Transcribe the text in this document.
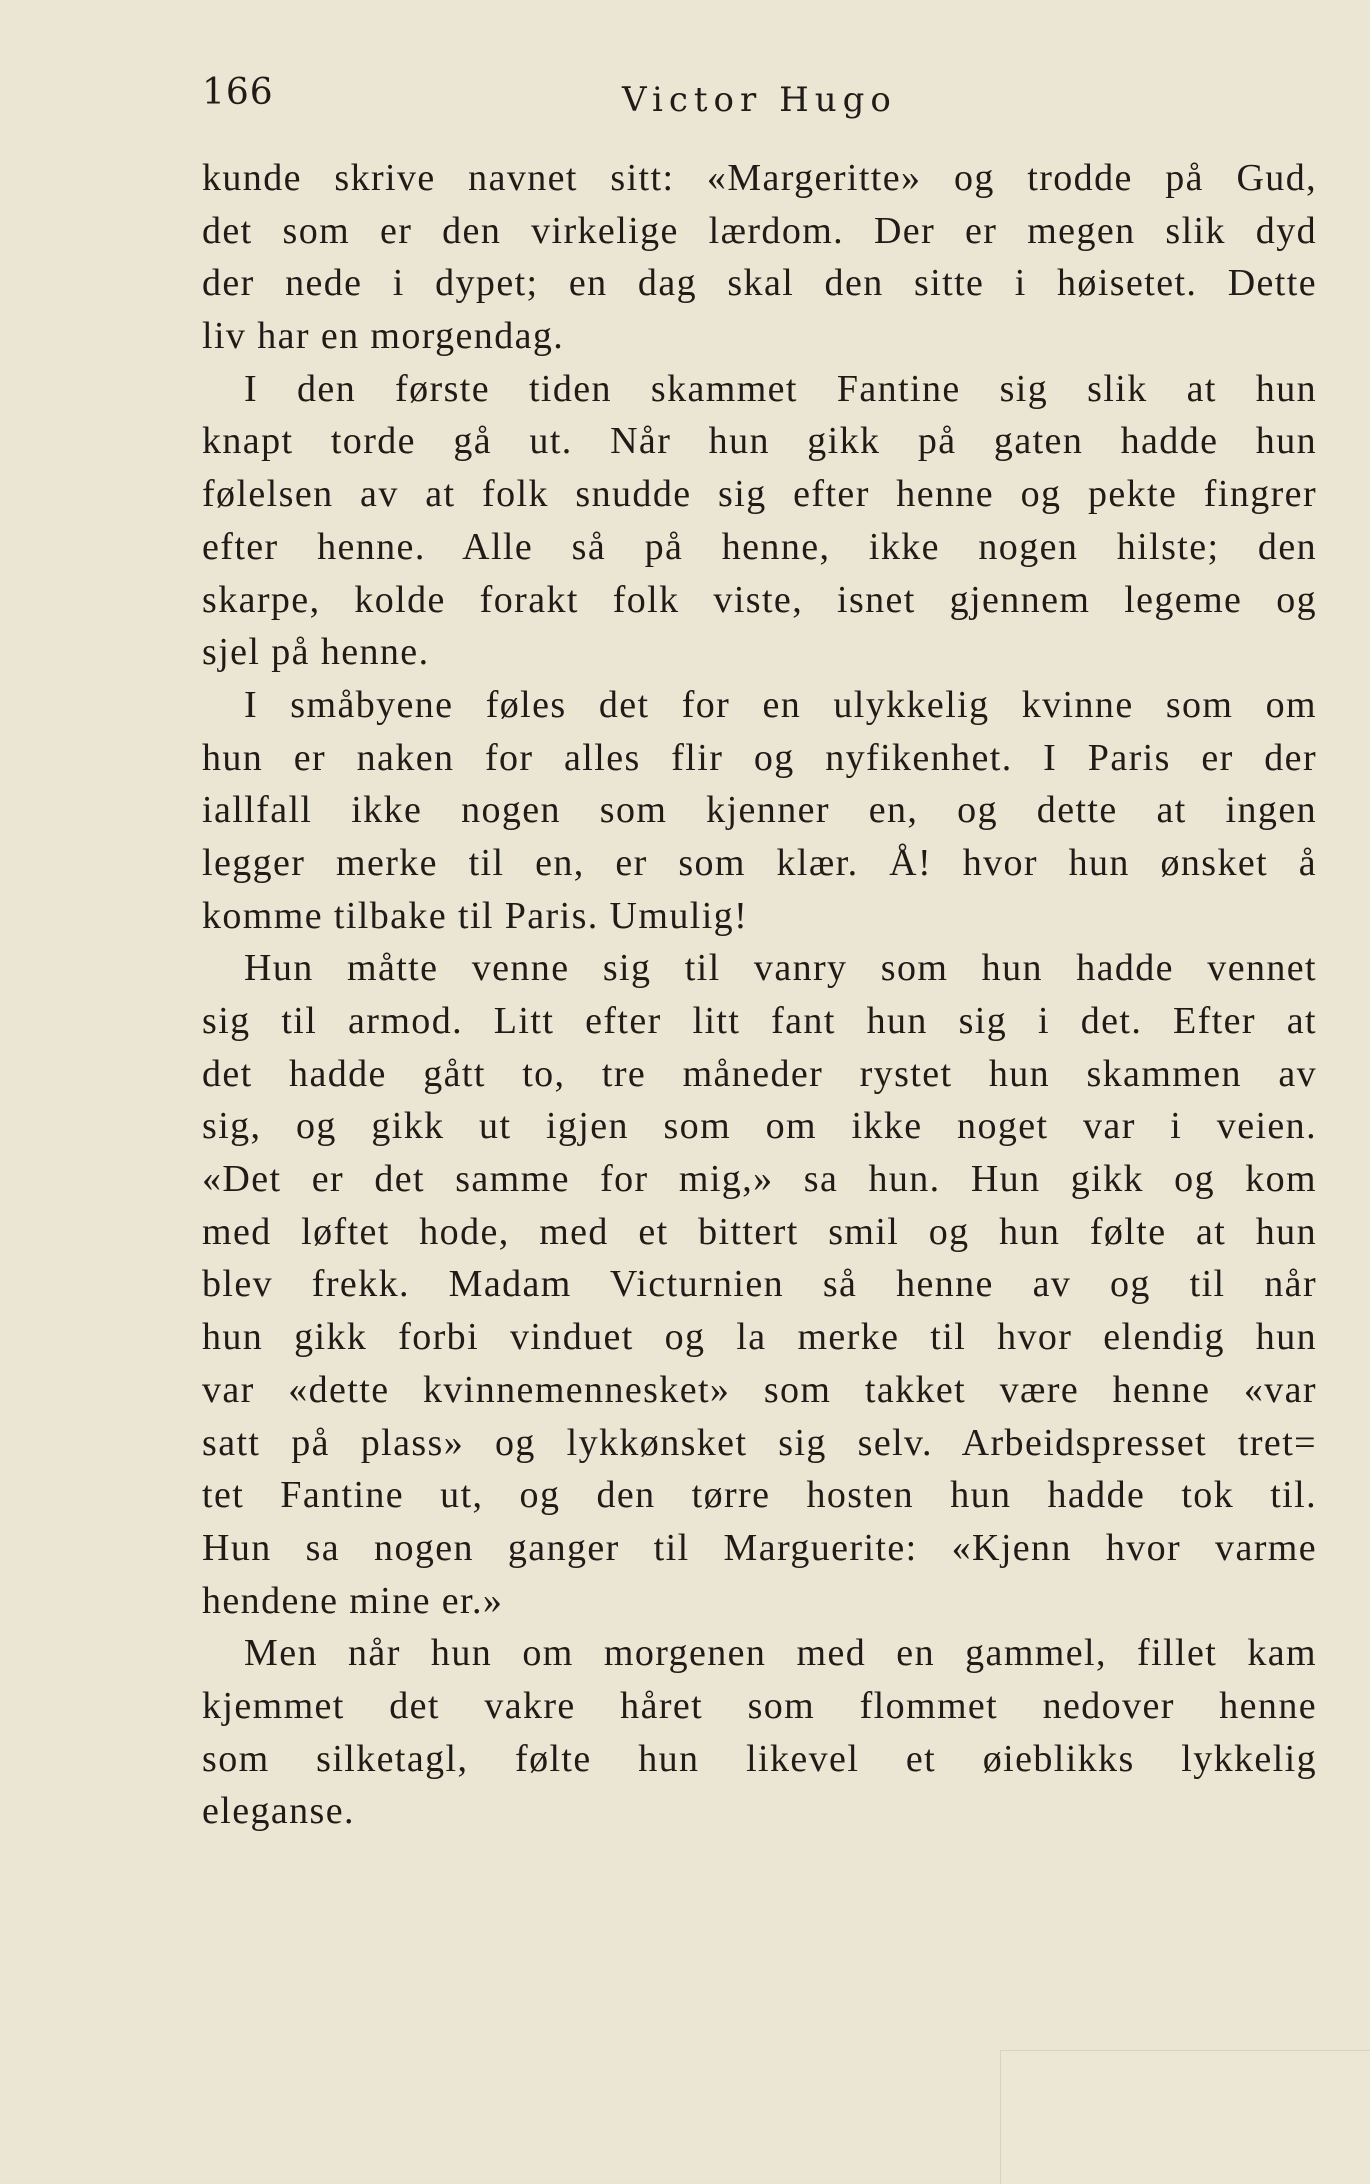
166	Victor Hugo
kunde skrive navnet sitt: «Margeritte» og trodde på Gud,
det som er den virkelige lærdom. Der er megen slik dyd
der nede i dypet; en dag skal den sitte i høisetet. Dette
liv har en morgendag.
I den første tiden skammet Fantine sig slik at hun
knapt torde gå ut. Når hun gikk på gaten hadde hun
følelsen av at folk snudde sig efter henne og pekte fingrer
efter henne. Alle så på henne, ikke nogen hilste; den
skarpe, kolde forakt folk viste, isnet gjennem legeme og
sjel på henne.
I småbyene føles det for en ulykkelig kvinne som om
hun er naken for alles flir og nyfikenhet. I Paris er der
iallfall ikke nogen som kjenner en, og dette at ingen
legger merke til en, er som klær. Å! hvor hun ønsket å
komme tilbake til Paris. Umulig!
Hun måtte venne sig til vanry som hun hadde vennet
sig til armod. Litt efter litt fant hun sig i det. Efter at
det hadde gått to, tre måneder rystet hun skammen av
sig, og gikk ut igjen som om ikke noget var i veien.
«Det er det samme for mig,» sa hun. Hun gikk og kom
med løftet hode, med et bittert smil og hun følte at hun
blev frekk. Madam Victurnien så henne av og til når
hun gikk forbi vinduet og la merke til hvor elendig hun
var «dette kvinnemennesket» som takket være henne «var
satt på plass» og lykkønsket sig selv. Arbeidspresset tret=
tet Fantine ut, og den tørre hosten hun hadde tok til.
Hun sa nogen ganger til Marguerite: «Kjenn hvor varme
hendene mine er.»
Men når hun om morgenen med en gammel, fillet kam
kjemmet det vakre håret som flommet nedover henne
som silketagl, følte hun likevel et øieblikks lykkelig
eleganse.
